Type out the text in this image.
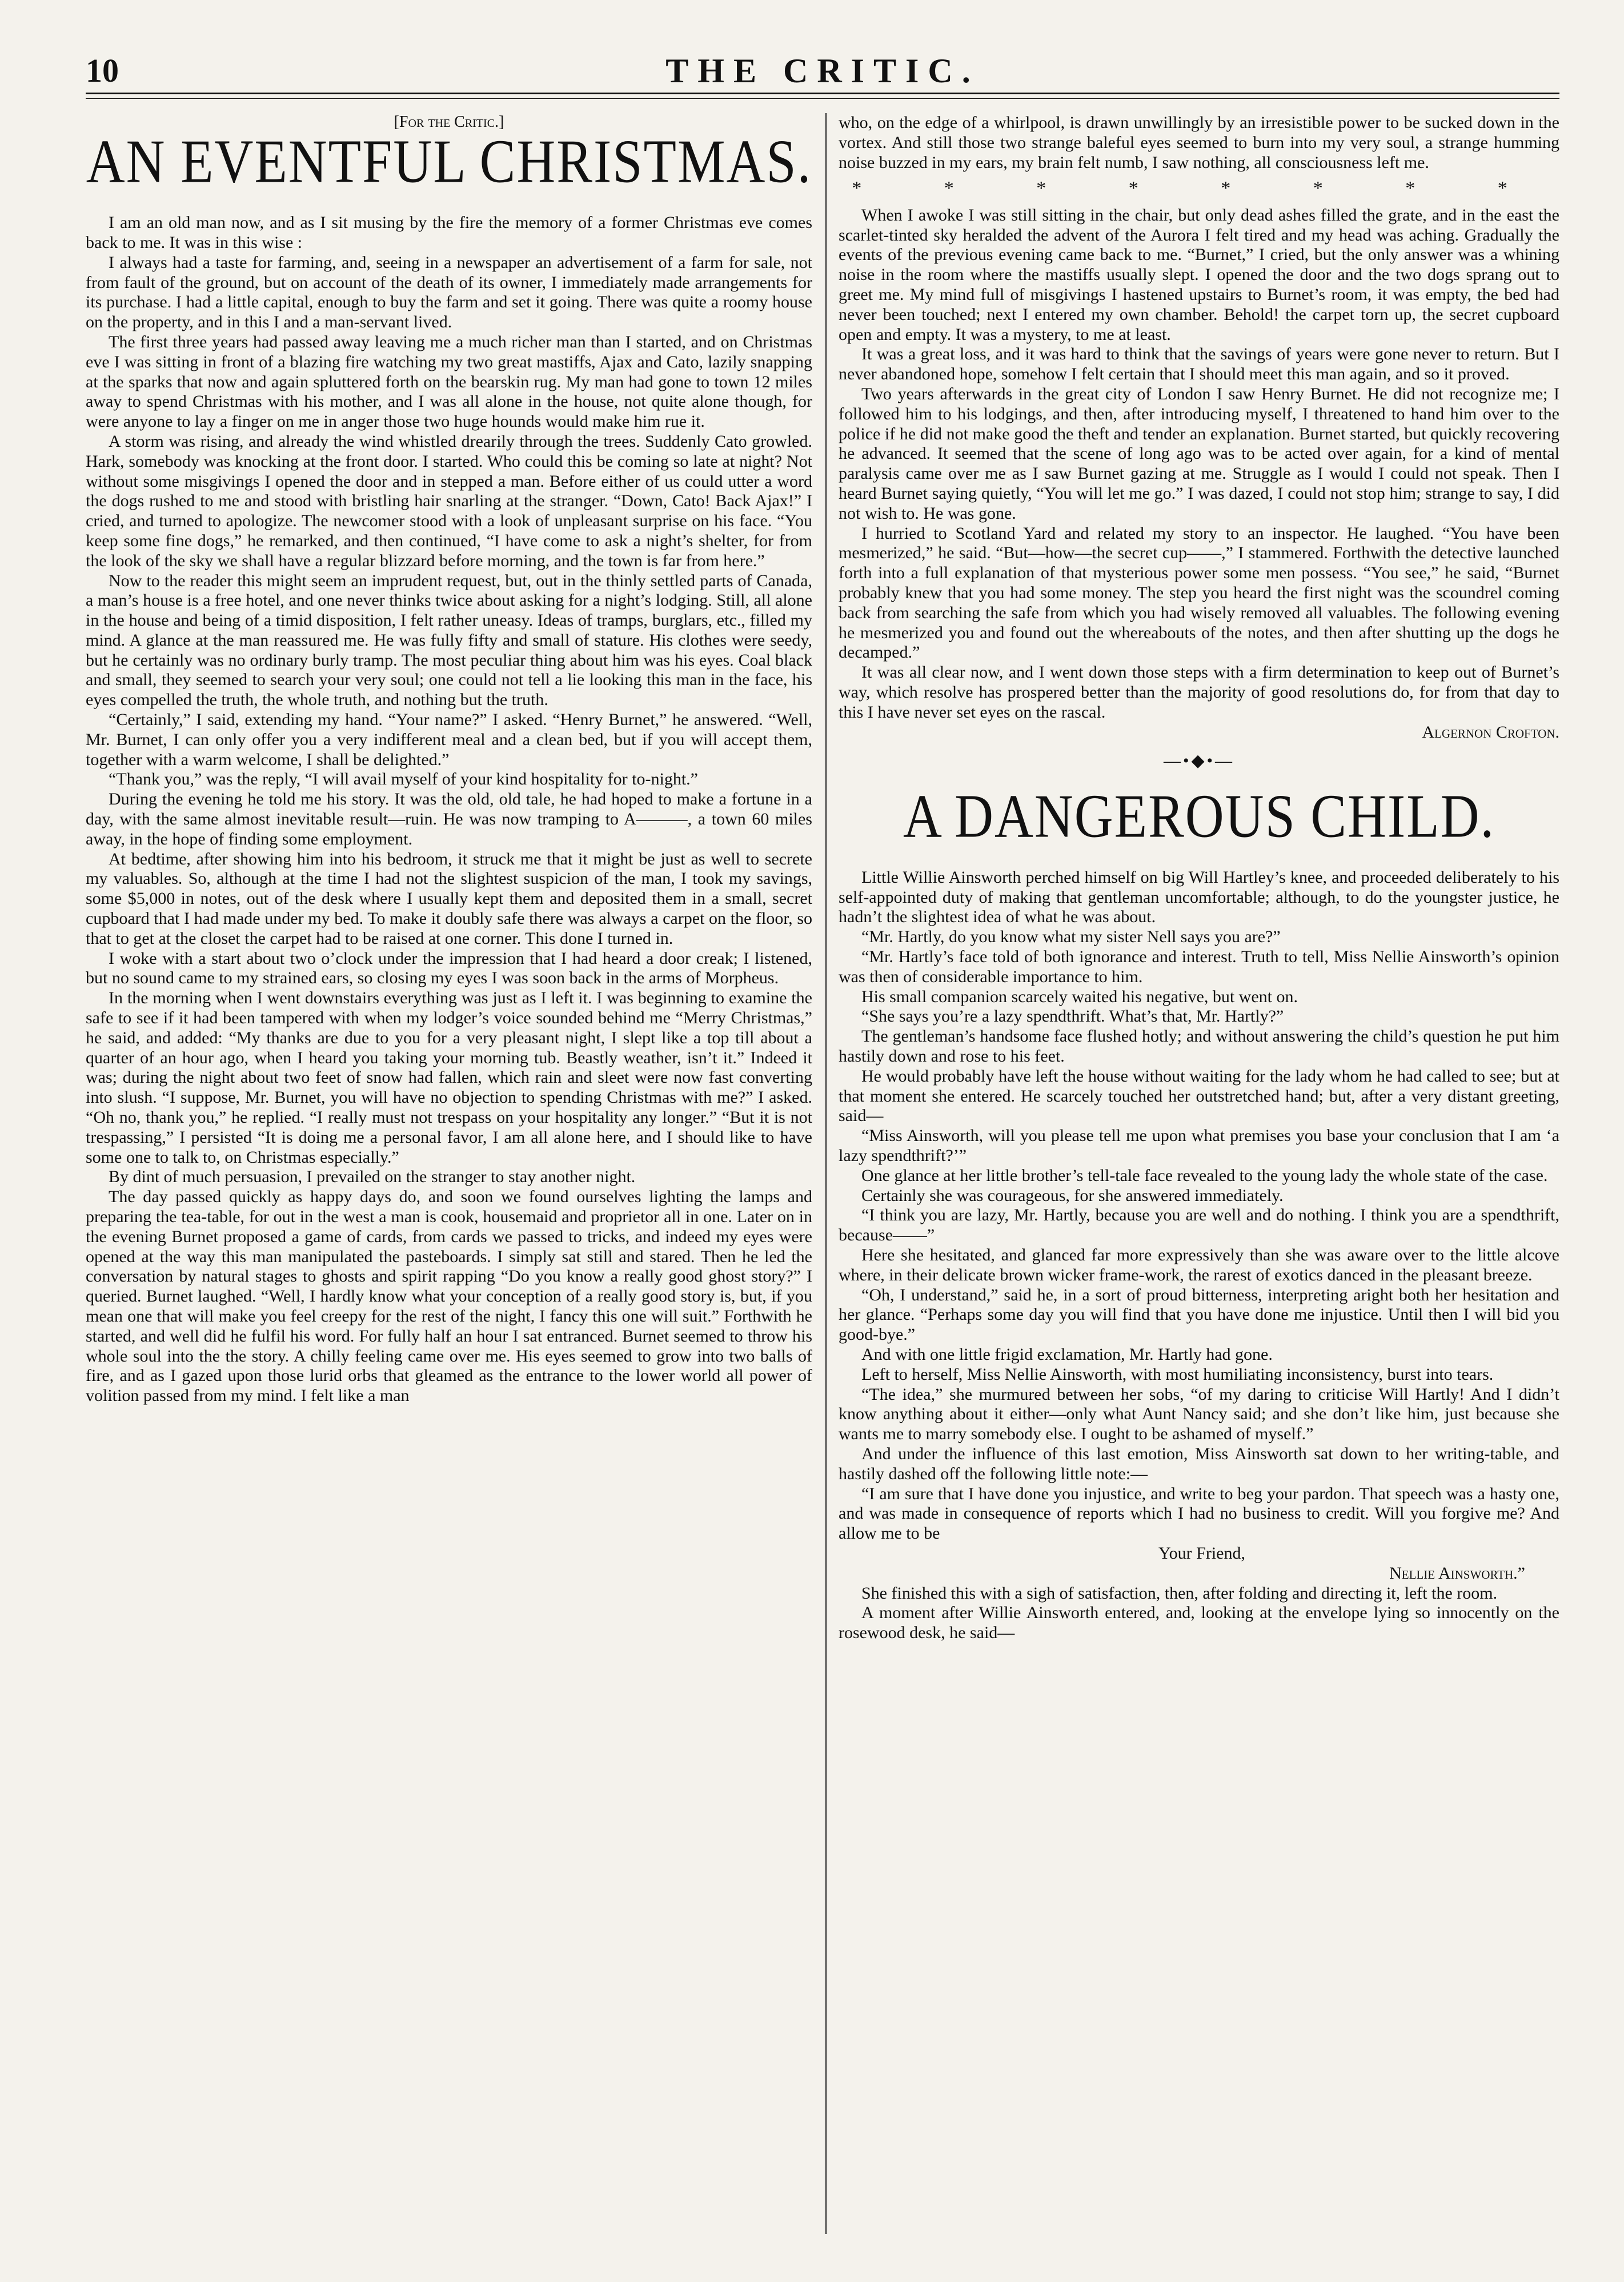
10	THE CRITIC.
[For the Critic.]
AN EVENTFUL CHRISTMAS.

I am an old man now, and as I sit musing by the fire the memory of a former Christmas eve comes back to me. It was in this wise :

I always had a taste for farming, and, seeing in a newspaper an advertisement of a farm for sale, not from fault of the ground, but on account of the death of its owner, I immediately made arrangements for its purchase. I had a little capital, enough to buy the farm and set it going. There was quite a roomy house on the property, and in this I and a man-servant lived.

The first three years had passed away leaving me a much richer man than I started, and on Christmas eve I was sitting in front of a blazing fire watching my two great mastiffs, Ajax and Cato, lazily snapping at the sparks that now and again spluttered forth on the bearskin rug. My man had gone to town 12 miles away to spend Christmas with his mother, and I was all alone in the house, not quite alone though, for were anyone to lay a finger on me in anger those two huge hounds would make him rue it.

A storm was rising, and already the wind whistled drearily through the trees. Suddenly Cato growled. Hark, somebody was knocking at the front door. I started. Who could this be coming so late at night? Not without some misgivings I opened the door and in stepped a man. Before either of us could utter a word the dogs rushed to me and stood with bristling hair snarling at the stranger. “Down, Cato! Back Ajax!” I cried, and turned to apologize. The newcomer stood with a look of unpleasant surprise on his face. “You keep some fine dogs,” he remarked, and then continued, “I have come to ask a night’s shelter, for from the look of the sky we shall have a regular blizzard before morning, and the town is far from here.”

Now to the reader this might seem an imprudent request, but, out in the thinly settled parts of Canada, a man’s house is a free hotel, and one never thinks twice about asking for a night’s lodging. Still, all alone in the house and being of a timid disposition, I felt rather uneasy. Ideas of tramps, burglars, etc., filled my mind. A glance at the man reassured me. He was fully fifty and small of stature. His clothes were seedy, but he certainly was no ordinary burly tramp. The most peculiar thing about him was his eyes. Coal black and small, they seemed to search your very soul; one could not tell a lie looking this man in the face, his eyes compelled the truth, the whole truth, and nothing but the truth.

“Certainly,” I said, extending my hand. “Your name?” I asked. “Henry Burnet,” he answered. “Well, Mr. Burnet, I can only offer you a very indifferent meal and a clean bed, but if you will accept them, together with a warm welcome, I shall be delighted.”

“Thank you,” was the reply, “I will avail myself of your kind hospitality for to-night.”

During the evening he told me his story. It was the old, old tale, he had hoped to make a fortune in a day, with the same almost inevitable result—ruin. He was now tramping to A———, a town 60 miles away, in the hope of finding some employment.

At bedtime, after showing him into his bedroom, it struck me that it might be just as well to secrete my valuables. So, although at the time I had not the slightest suspicion of the man, I took my savings, some $5,000 in notes, out of the desk where I usually kept them and deposited them in a small, secret cupboard that I had made under my bed. To make it doubly safe there was always a carpet on the floor, so that to get at the closet the carpet had to be raised at one corner. This done I turned in.

I woke with a start about two o’clock under the impression that I had heard a door creak; I listened, but no sound came to my strained ears, so closing my eyes I was soon back in the arms of Morpheus.

In the morning when I went downstairs everything was just as I left it. I was beginning to examine the safe to see if it had been tampered with when my lodger’s voice sounded behind me “Merry Christmas,” he said, and added: “My thanks are due to you for a very pleasant night, I slept like a top till about a quarter of an hour ago, when I heard you taking your morning tub. Beastly weather, isn’t it.” Indeed it was; during the night about two feet of snow had fallen, which rain and sleet were now fast converting into slush. “I suppose, Mr. Burnet, you will have no objection to spending Christmas with me?” I asked. “Oh no, thank you,” he replied. “I really must not trespass on your hospitality any longer.” “But it is not trespassing,” I persisted “It is doing me a personal favor, I am all alone here, and I should like to have some one to talk to, on Christmas especially.”

By dint of much persuasion, I prevailed on the stranger to stay another night.

The day passed quickly as happy days do, and soon we found ourselves lighting the lamps and preparing the tea-table, for out in the west a man is cook, housemaid and proprietor all in one. Later on in the evening Burnet proposed a game of cards, from cards we passed to tricks, and indeed my eyes were opened at the way this man manipulated the pasteboards. I simply sat still and stared. Then he led the conversation by natural stages to ghosts and spirit rapping “Do you know a really good ghost story?” I queried. Burnet laughed. “Well, I hardly know what your conception of a really good story is, but, if you mean one that will make you feel creepy for the rest of the night, I fancy this one will suit.” Forthwith he started, and well did he fulfil his word. For fully half an hour I sat entranced. Burnet seemed to throw his whole soul into the the story. A chilly feeling came over me. His eyes seemed to grow into two balls of fire, and as I gazed upon those lurid orbs that gleamed as the entrance to the lower world all power of volition passed from my mind. I felt like a man

who, on the edge of a whirlpool, is drawn unwillingly by an irresistible power to be sucked down in the vortex. And still those two strange baleful eyes seemed to burn into my very soul, a strange humming noise buzzed in my ears, my brain felt numb, I saw nothing, all consciousness left me.

* * * * * * * *

When I awoke I was still sitting in the chair, but only dead ashes filled the grate, and in the east the scarlet-tinted sky heralded the advent of the Aurora I felt tired and my head was aching. Gradually the events of the previous evening came back to me. “Burnet,” I cried, but the only answer was a whining noise in the room where the mastiffs usually slept. I opened the door and the two dogs sprang out to greet me. My mind full of misgivings I hastened upstairs to Burnet’s room, it was empty, the bed had never been touched; next I entered my own chamber. Behold! the carpet torn up, the secret cupboard open and empty. It was a mystery, to me at least.

It was a great loss, and it was hard to think that the savings of years were gone never to return. But I never abandoned hope, somehow I felt certain that I should meet this man again, and so it proved.

Two years afterwards in the great city of London I saw Henry Burnet. He did not recognize me; I followed him to his lodgings, and then, after introducing myself, I threatened to hand him over to the police if he did not make good the theft and tender an explanation. Burnet started, but quickly recovering he advanced. It seemed that the scene of long ago was to be acted over again, for a kind of mental paralysis came over me as I saw Burnet gazing at me. Struggle as I would I could not speak. Then I heard Burnet saying quietly, “You will let me go.” I was dazed, I could not stop him; strange to say, I did not wish to. He was gone.

I hurried to Scotland Yard and related my story to an inspector. He laughed. “You have been mesmerized,” he said. “But—how—the secret cup——,” I stammered. Forthwith the detective launched forth into a full explanation of that mysterious power some men possess. “You see,” he said, “Burnet probably knew that you had some money. The step you heard the first night was the scoundrel coming back from searching the safe from which you had wisely removed all valuables. The following evening he mesmerized you and found out the whereabouts of the notes, and then after shutting up the dogs he decamped.”

It was all clear now, and I went down those steps with a firm determination to keep out of Burnet’s way, which resolve has prospered better than the majority of good resolutions do, for from that day to this I have never set eyes on the rascal.

Algernon Crofton.

—•◆•—
A DANGEROUS CHILD.

Little Willie Ainsworth perched himself on big Will Hartley’s knee, and proceeded deliberately to his self-appointed duty of making that gentleman uncomfortable; although, to do the youngster justice, he hadn’t the slightest idea of what he was about.

“Mr. Hartly, do you know what my sister Nell says you are?”

“Mr. Hartly’s face told of both ignorance and interest. Truth to tell, Miss Nellie Ainsworth’s opinion was then of considerable importance to him.

His small companion scarcely waited his negative, but went on.

“She says you’re a lazy spendthrift. What’s that, Mr. Hartly?”

The gentleman’s handsome face flushed hotly; and without answering the child’s question he put him hastily down and rose to his feet.

He would probably have left the house without waiting for the lady whom he had called to see; but at that moment she entered. He scarcely touched her outstretched hand; but, after a very distant greeting, said—

“Miss Ainsworth, will you please tell me upon what premises you base your conclusion that I am ‘a lazy spendthrift?’”

One glance at her little brother’s tell-tale face revealed to the young lady the whole state of the case.

Certainly she was courageous, for she answered immediately.

“I think you are lazy, Mr. Hartly, because you are well and do nothing. I think you are a spendthrift, because——”

Here she hesitated, and glanced far more expressively than she was aware over to the little alcove where, in their delicate brown wicker frame-work, the rarest of exotics danced in the pleasant breeze.

“Oh, I understand,” said he, in a sort of proud bitterness, interpreting aright both her hesitation and her glance. “Perhaps some day you will find that you have done me injustice. Until then I will bid you good-bye.”

And with one little frigid exclamation, Mr. Hartly had gone.

Left to herself, Miss Nellie Ainsworth, with most humiliating inconsistency, burst into tears.

“The idea,” she murmured between her sobs, “of my daring to criticise Will Hartly! And I didn’t know anything about it either—only what Aunt Nancy said; and she don’t like him, just because she wants me to marry somebody else. I ought to be ashamed of myself.”

And under the influence of this last emotion, Miss Ainsworth sat down to her writing-table, and hastily dashed off the following little note:—

“I am sure that I have done you injustice, and write to beg your pardon. That speech was a hasty one, and was made in consequence of reports which I had no business to credit. Will you forgive me? And allow me to be

Your Friend,

Nellie Ainsworth.”

She finished this with a sigh of satisfaction, then, after folding and directing it, left the room.

A moment after Willie Ainsworth entered, and, looking at the envelope lying so innocently on the rosewood desk, he said—
